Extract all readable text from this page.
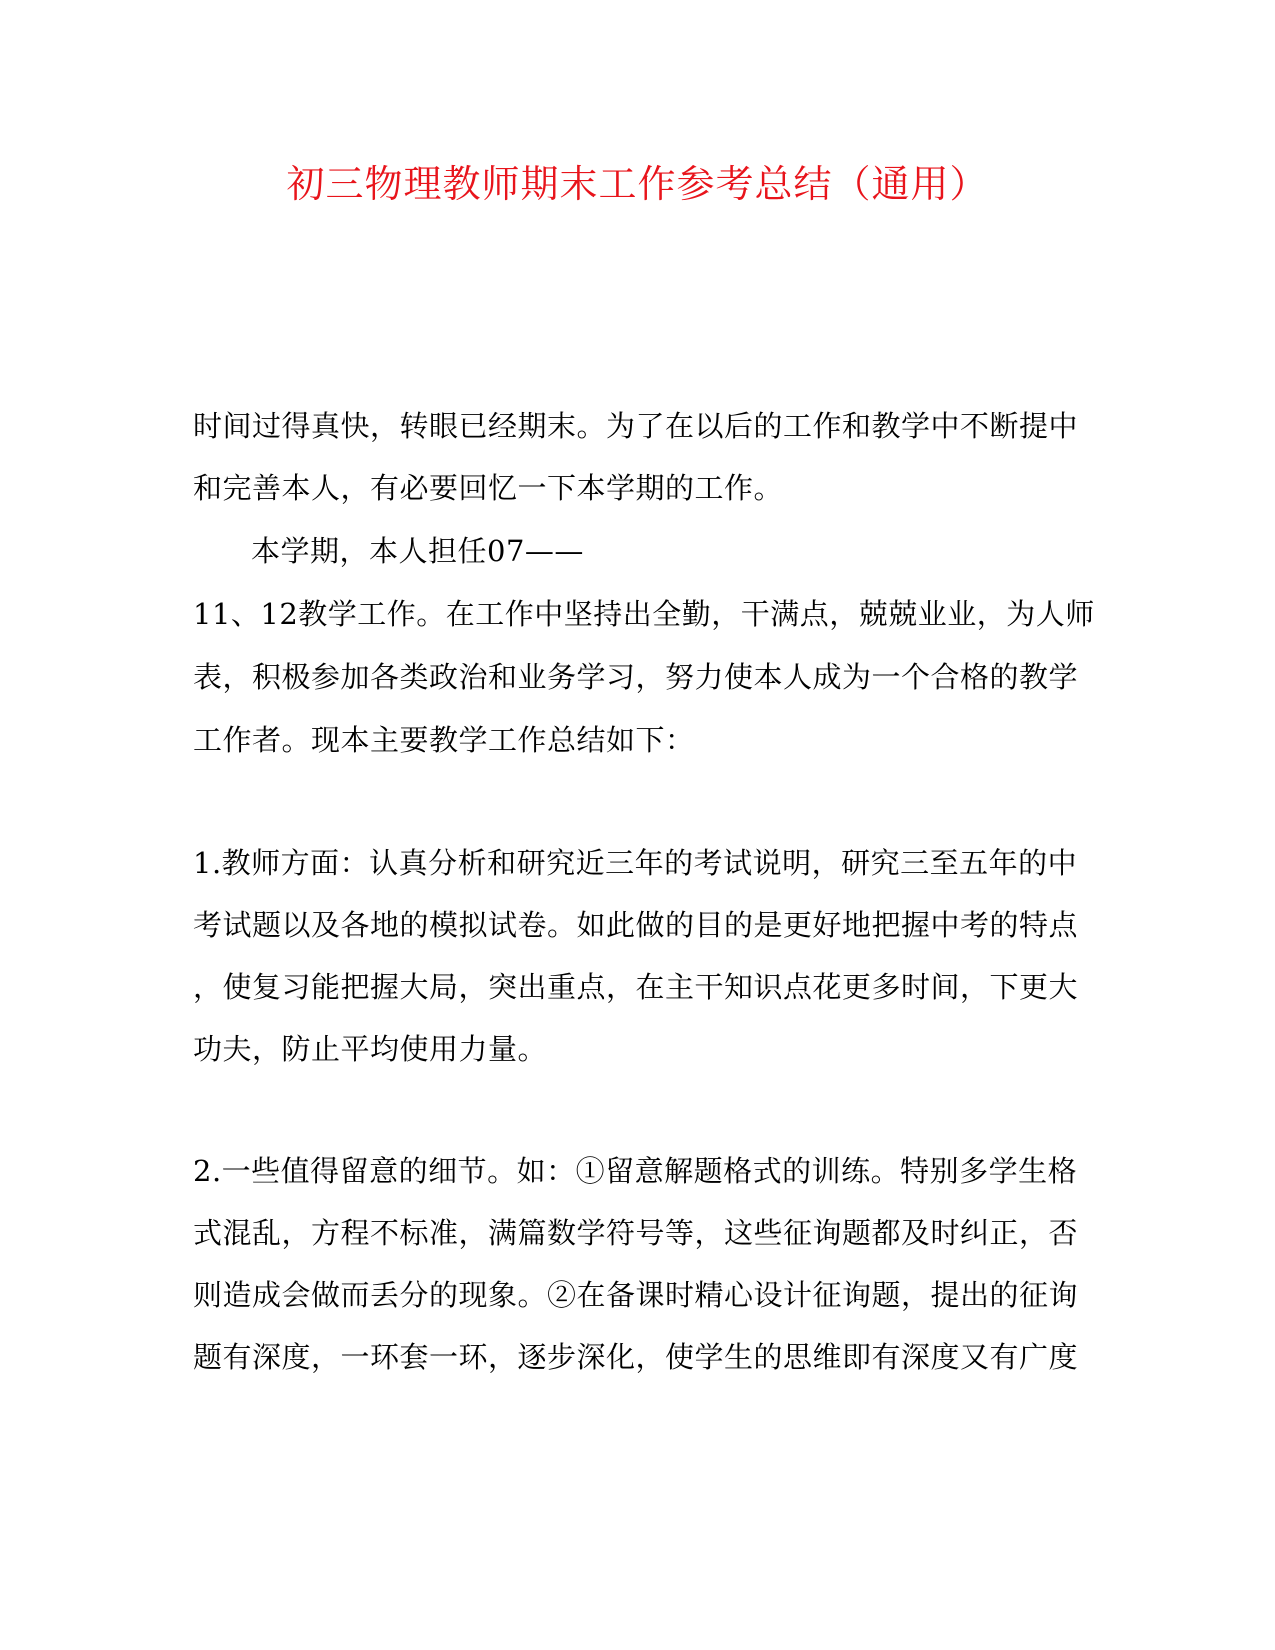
初三物理教师期末工作参考总结（通用）
时间过得真快，转眼已经期末。为了在以后的工作和教学中不断提中
和完善本人，有必要回忆一下本学期的工作。
本学期，本人担任07——
11、12教学工作。在工作中坚持出全勤，干满点，兢兢业业，为人师
表，积极参加各类政治和业务学习，努力使本人成为一个合格的教学
工作者。现本主要教学工作总结如下：
1.教师方面：认真分析和研究近三年的考试说明，研究三至五年的中
考试题以及各地的模拟试卷。如此做的目的是更好地把握中考的特点
，使复习能把握大局，突出重点，在主干知识点花更多时间，下更大
功夫，防止平均使用力量。
2.一些值得留意的细节。如：①留意解题格式的训练。特别多学生格
式混乱，方程不标准，满篇数学符号等，这些征询题都及时纠正，否
则造成会做而丢分的现象。②在备课时精心设计征询题，提出的征询
题有深度，一环套一环，逐步深化，使学生的思维即有深度又有广度
